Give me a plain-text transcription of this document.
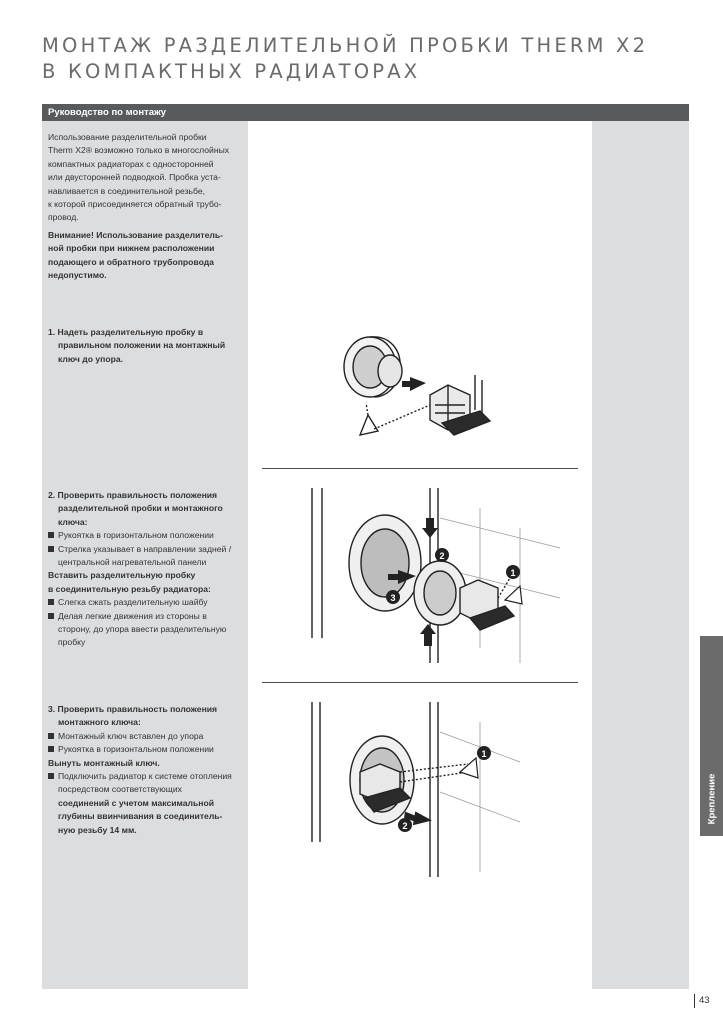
МОНТАЖ РАЗДЕЛИТЕЛЬНОЙ ПРОБКИ THERM X2
В КОМПАКТНЫХ РАДИАТОРАХ
Руководство по монтажу

Использование разделительной пробки

Therm X2® возможно только в многослойных

компактных радиаторах с односторонней

или двусторонней подводкой. Пробка уста-

навливается в соединительной резьбе,

к которой присоединяется обратный трубо-

провод.

Внимание! Использование разделитель-

ной пробки при нижнем расположении

подающего и обратного трубопровода

недопустимо.

1. Надеть разделительную пробку в

правильном положении на монтажный

ключ до упора.

2. Проверить правильность положения

разделительной пробки и монтажного

ключа:

Рукоятка в горизонтальном положении

Стрелка указывает в направлении задней /
центральной нагревательной панели

Вставить разделительную пробку

в соединительную резьбу радиатора:

Слегка сжать разделительную шайбу

Делая легкие движения из стороны в
сторону, до упора ввести разделительную
пробку

3. Проверить правильность положения

монтажного ключа:

Монтажный ключ вставлен до упора

Рукоятка в горизонтальном положении

Вынуть монтажный ключ.

Подключить радиатор к системе отопления
посредством соответствующих
соединений с учетом максимальной
глубины ввинчивания в соединитель-
ную резьбу 14 мм.

1
2
3
1
2
Крепление
43
